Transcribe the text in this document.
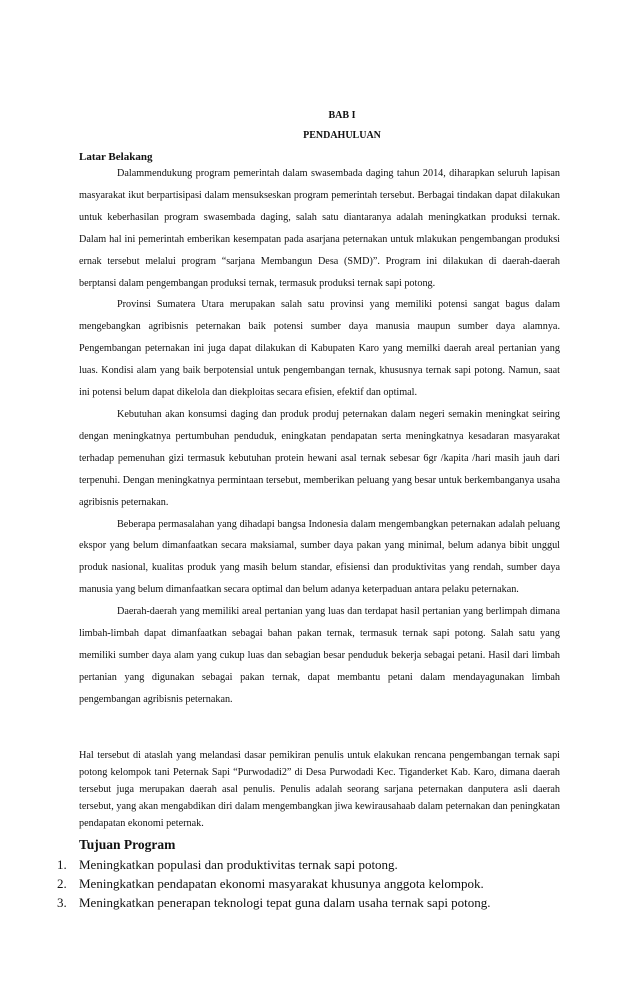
BAB I
PENDAHULUAN
Latar Belakang

Dalammendukung program pemerintah dalam swasembada daging tahun 2014, diharapkan seluruh lapisan masyarakat ikut berpartisipasi dalam mensukseskan program pemerintah tersebut. Berbagai tindakan dapat dilakukan untuk keberhasilan program swasembada daging, salah satu diantaranya adalah meningkatkan produksi ternak. Dalam hal ini pemerintah emberikan kesempatan pada asarjana peternakan untuk mlakukan pengembangan produksi ernak tersebut melalui program “sarjana Membangun Desa (SMD)”. Program ini dilakukan di daerah-daerah berptansi dalam pengembangan produksi ternak, termasuk produksi ternak sapi potong.

Provinsi Sumatera Utara merupakan salah satu provinsi yang memiliki potensi sangat bagus dalam mengebangkan agribisnis peternakan baik potensi sumber daya manusia maupun sumber daya alamnya. Pengembangan peternakan ini juga dapat dilakukan di Kabupaten Karo yang memilki daerah areal pertanian yang luas. Kondisi alam yang baik berpotensial untuk pengembangan ternak, khususnya ternak sapi potong. Namun, saat ini potensi belum dapat dikelola dan diekploitas secara efisien, efektif dan optimal.

Kebutuhan akan konsumsi daging dan produk produj peternakan dalam negeri semakin meningkat seiring dengan meningkatnya pertumbuhan penduduk, eningkatan pendapatan serta meningkatnya kesadaran masyarakat terhadap pemenuhan gizi termasuk kebutuhan protein hewani asal ternak sebesar 6gr /kapita /hari masih jauh dari terpenuhi. Dengan meningkatnya permintaan tersebut, memberikan peluang yang besar untuk berkembanganya usaha agribisnis peternakan.

Beberapa permasalahan yang dihadapi bangsa Indonesia dalam mengembangkan peternakan adalah peluang ekspor yang belum dimanfaatkan secara maksiamal, sumber daya pakan yang minimal, belum adanya bibit unggul produk nasional, kualitas produk yang masih belum standar, efisiensi dan produktivitas yang rendah, sumber daya manusia yang belum dimanfaatkan secara optimal dan belum adanya keterpaduan antara pelaku peternakan.

Daerah-daerah yang memiliki areal pertanian yang luas dan terdapat hasil pertanian yang berlimpah dimana limbah-limbah dapat dimanfaatkan sebagai bahan pakan ternak, termasuk ternak sapi potong. Salah satu yang memiliki sumber daya alam yang cukup luas dan sebagian besar penduduk bekerja sebagai petani. Hasil dari limbah pertanian yang digunakan sebagai pakan ternak, dapat membantu petani dalam mendayagunakan limbah pengembangan agribisnis peternakan.

Hal tersebut di ataslah yang melandasi dasar pemikiran penulis untuk elakukan rencana pengembangan ternak sapi potong kelompok tani Peternak Sapi “Purwodadi2” di Desa Purwodadi Kec. Tiganderket Kab. Karo, dimana daerah tersebut juga merupakan daerah asal penulis. Penulis adalah seorang sarjana peternakan danputera asli daerah tersebut, yang akan mengabdikan diri dalam mengembangkan jiwa kewirausahaab dalam peternakan dan peningkatan pendapatan ekonomi peternak.

Tujuan Program
1. Meningkatkan populasi dan produktivitas ternak sapi potong.
2. Meningkatkan pendapatan ekonomi masyarakat khusunya anggota kelompok.
3. Meningkatkan penerapan teknologi tepat guna dalam usaha ternak sapi potong.
